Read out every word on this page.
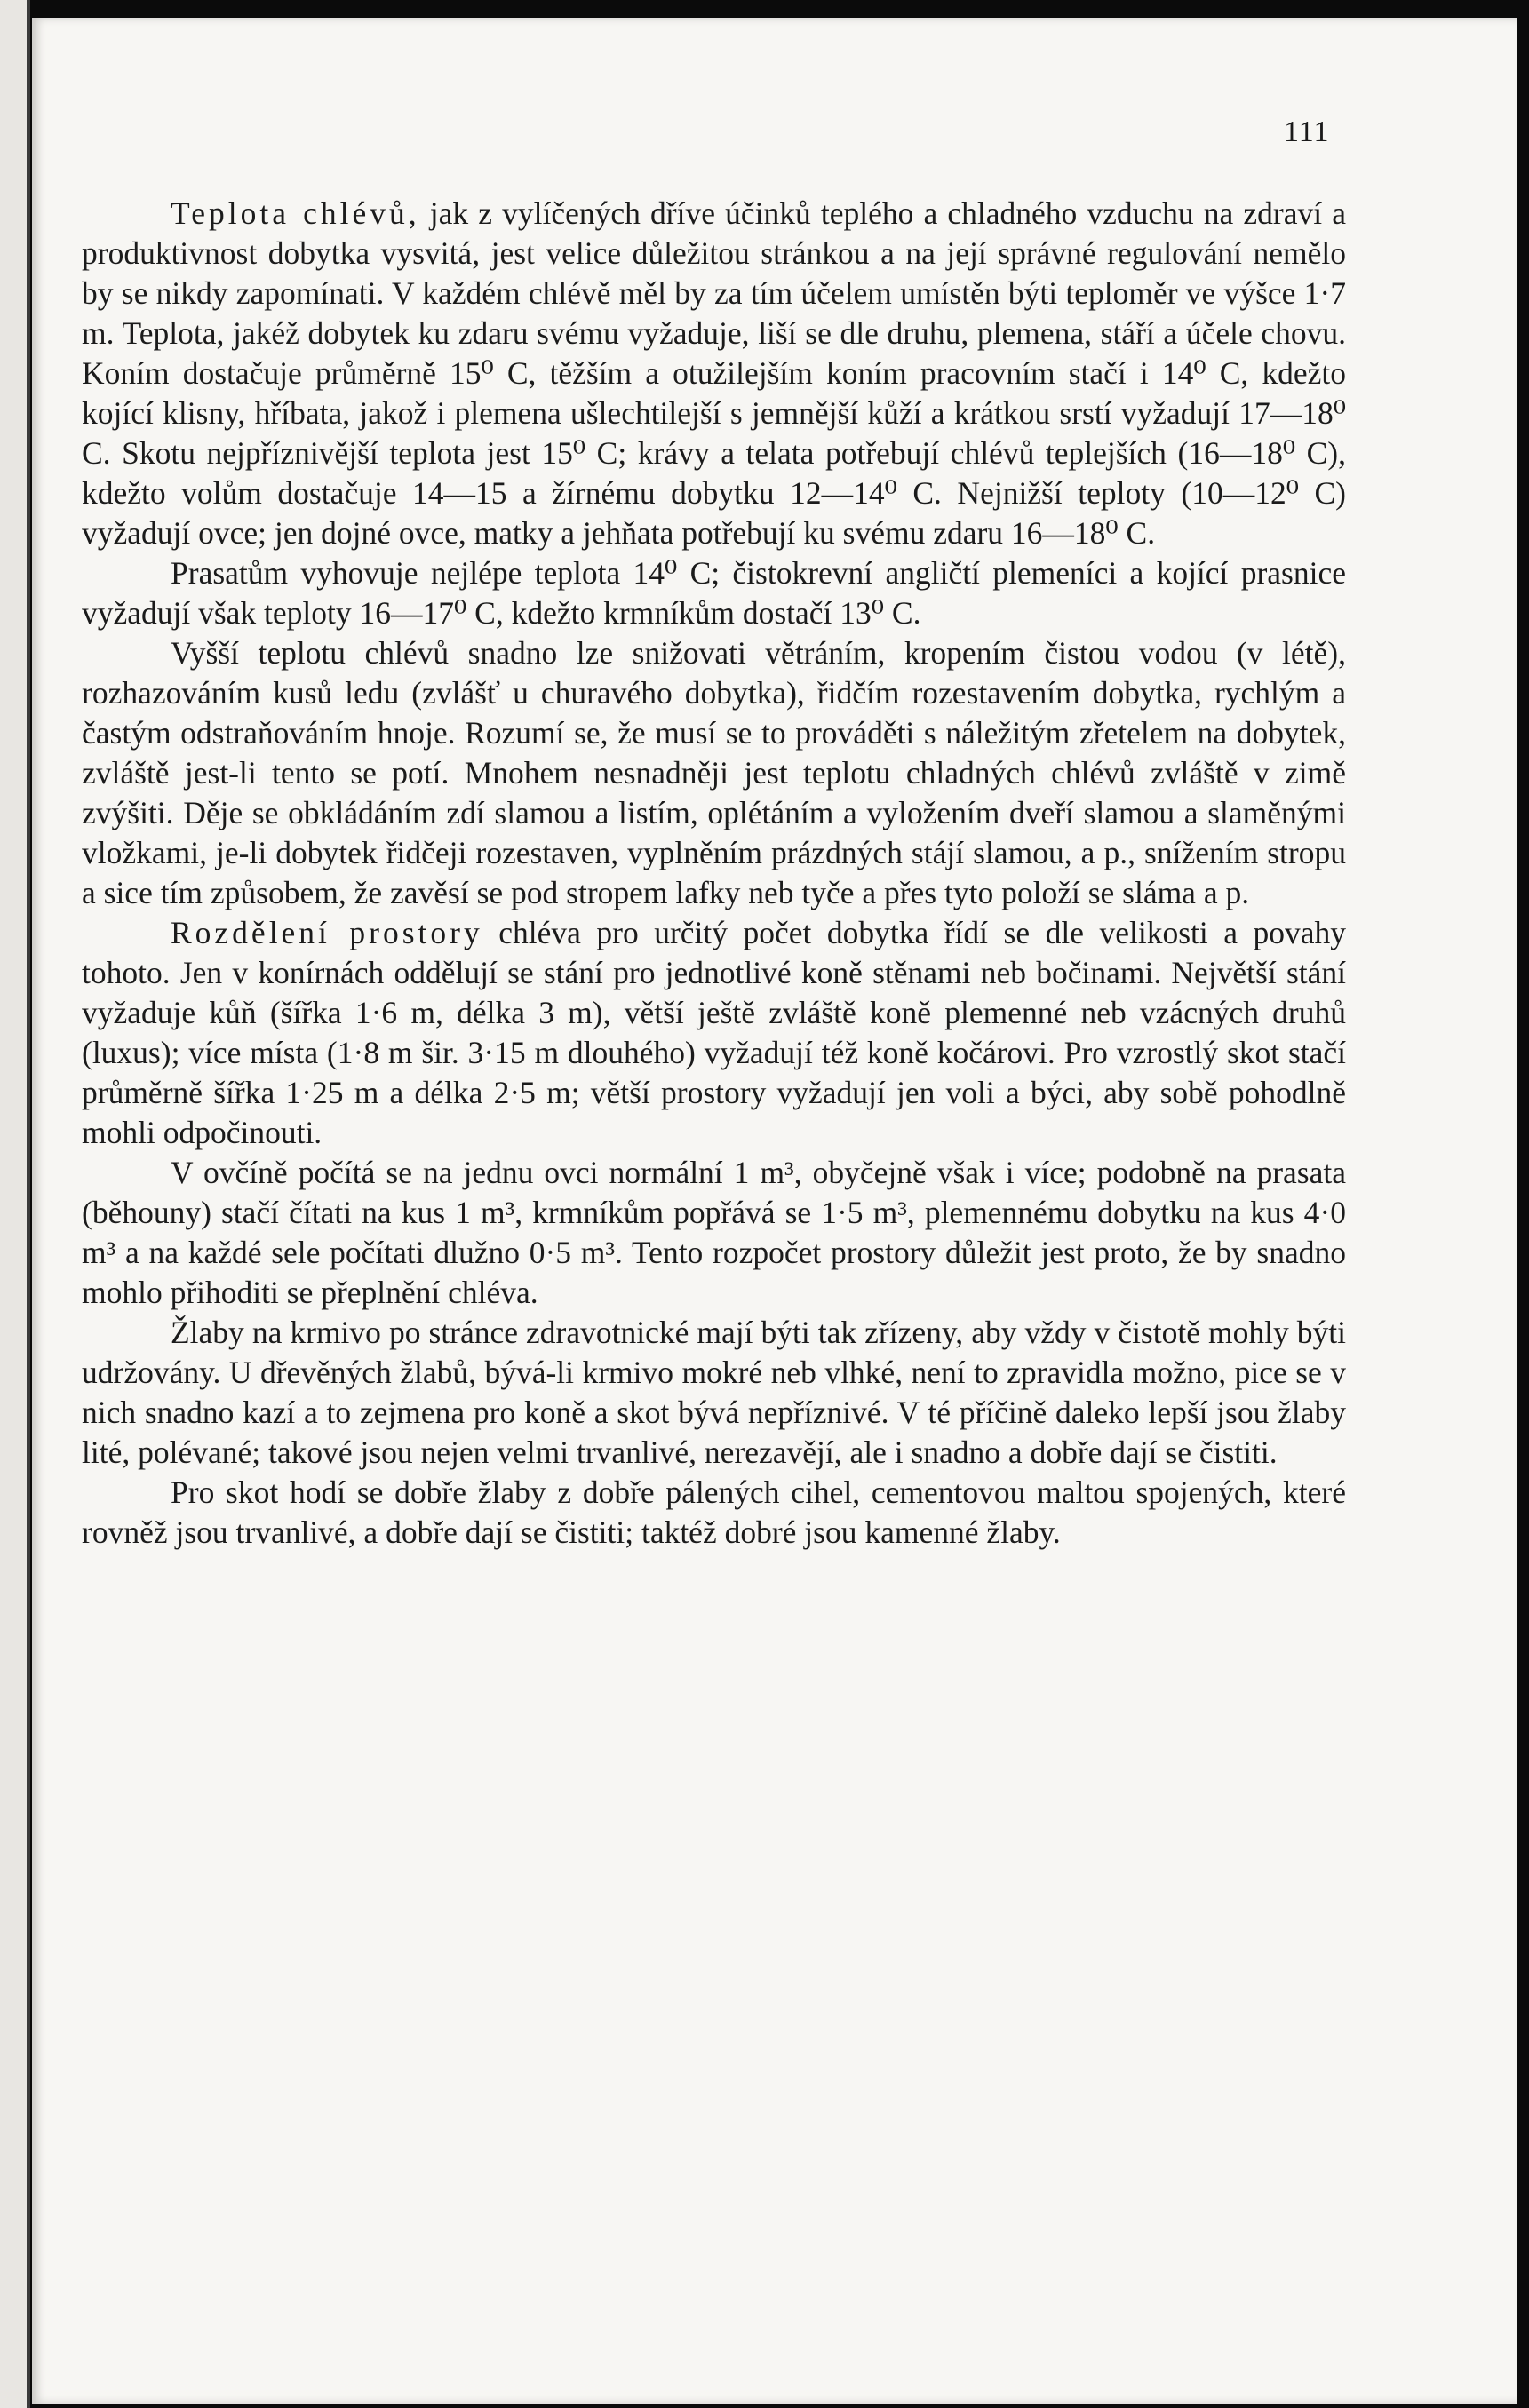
111

Teplota chlévů, jak z vylíčených dříve účinků teplého a chladného vzduchu na zdraví a produktivnost dobytka vysvitá, jest velice důležitou stránkou a na její správné regulování nemělo by se nikdy zapomínati. V každém chlévě měl by za tím účelem umístěn býti teploměr ve výšce 1·7 m. Teplota, jakéž dobytek ku zdaru svému vyžaduje, liší se dle druhu, plemena, stáří a účele chovu. Koním dostačuje průměrně 15⁰ C, těžším a otužilejším koním pracovním stačí i 14⁰ C, kdežto kojící klisny, hříbata, jakož i plemena ušlechtilejší s jemnější kůží a krátkou srstí vyžadují 17—18⁰ C. Skotu nejpříznivější teplota jest 15⁰ C; krávy a telata potřebují chlévů teplejších (16—18⁰ C), kdežto volům dostačuje 14—15 a žírnému dobytku 12—14⁰ C. Nejnižší teploty (10—12⁰ C) vyžadují ovce; jen dojné ovce, matky a jehňata potřebují ku svému zdaru 16—18⁰ C.

Prasatům vyhovuje nejlépe teplota 14⁰ C; čistokrevní angličtí plemeníci a kojící prasnice vyžadují však teploty 16—17⁰ C, kdežto krmníkům dostačí 13⁰ C.

Vyšší teplotu chlévů snadno lze snižovati větráním, kropením čistou vodou (v létě), rozhazováním kusů ledu (zvlášť u churavého dobytka), řidčím rozestavením dobytka, rychlým a častým odstraňováním hnoje. Rozumí se, že musí se to prováděti s náležitým zřetelem na dobytek, zvláště jest-li tento se potí. Mnohem nesnadněji jest teplotu chladných chlévů zvláště v zimě zvýšiti. Děje se obkládáním zdí slamou a listím, oplétáním a vyložením dveří slamou a slaměnými vložkami, je-li dobytek řidčeji rozestaven, vyplněním prázdných stájí slamou, a p., snížením stropu a sice tím způsobem, že zavěsí se pod stropem lafky neb tyče a přes tyto položí se sláma a p.

Rozdělení prostory chléva pro určitý počet dobytka řídí se dle velikosti a povahy tohoto. Jen v konírnách oddělují se stání pro jednotlivé koně stěnami neb bočinami. Největší stání vyžaduje kůň (šířka 1·6 m, délka 3 m), větší ještě zvláště koně plemenné neb vzácných druhů (luxus); více místa (1·8 m šir. 3·15 m dlouhého) vyžadují též koně kočárovi. Pro vzrostlý skot stačí průměrně šířka 1·25 m a délka 2·5 m; větší prostory vyžadují jen voli a býci, aby sobě pohodlně mohli odpočinouti.

V ovčíně počítá se na jednu ovci normální 1 m³, obyčejně však i více; podobně na prasata (běhouny) stačí čítati na kus 1 m³, krmníkům popřává se 1·5 m³, plemennému dobytku na kus 4·0 m³ a na každé sele počítati dlužno 0·5 m³. Tento rozpočet prostory důležit jest proto, že by snadno mohlo přihoditi se přeplnění chléva.

Žlaby na krmivo po stránce zdravotnické mají býti tak zřízeny, aby vždy v čistotě mohly býti udržovány. U dřevěných žlabů, bývá-li krmivo mokré neb vlhké, není to zpravidla možno, pice se v nich snadno kazí a to zejmena pro koně a skot bývá nepříznivé. V té příčině daleko lepší jsou žlaby lité, polévané; takové jsou nejen velmi trvanlivé, nerezavějí, ale i snadno a dobře dají se čistiti.

Pro skot hodí se dobře žlaby z dobře pálených cihel, cementovou maltou spojených, které rovněž jsou trvanlivé, a dobře dají se čistiti; taktéž dobré jsou kamenné žlaby.
